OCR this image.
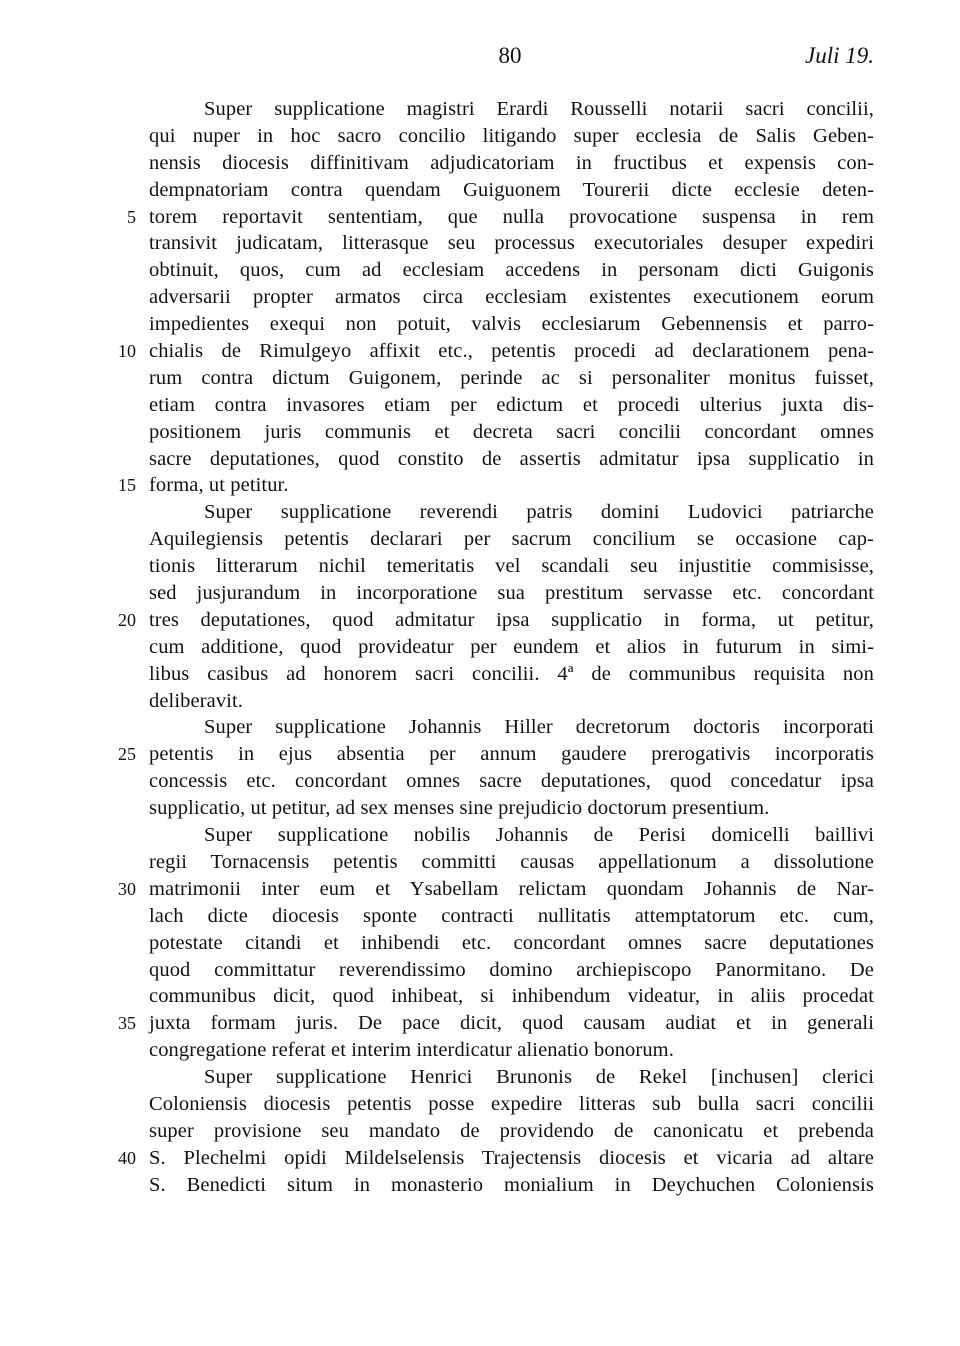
80	Juli 19.
Super supplicatione magistri Erardi Rousselli notarii sacri concilii,
qui nuper in hoc sacro concilio litigando super ecclesia de Salis Geben-
nensis diocesis diffinitivam adjudicatoriam in fructibus et expensis con-
dempnatoriam contra quendam Guiguonem Tourerii dicte ecclesie deten-
5 torem reportavit sententiam, que nulla provocatione suspensa in rem
transivit judicatam, litterasque seu processus executoriales desuper expediri
obtinuit, quos, cum ad ecclesiam accedens in personam dicti Guigonis
adversarii propter armatos circa ecclesiam existentes executionem eorum
impedientes exequi non potuit, valvis ecclesiarum Gebennensis et parro-
10 chialis de Rimulgeyo affixit etc., petentis procedi ad declarationem pena-
rum contra dictum Guigonem, perinde ac si personaliter monitus fuisset,
etiam contra invasores etiam per edictum et procedi ulterius juxta dis-
positionem juris communis et decreta sacri concilii concordant omnes
sacre deputationes, quod constito de assertis admitatur ipsa supplicatio in
15 forma, ut petitur.
Super supplicatione reverendi patris domini Ludovici patriarche
Aquilegiensis petentis declarari per sacrum concilium se occasione cap-
tionis litterarum nichil temeritatis vel scandali seu injustitie commisisse,
sed jusjurandum in incorporatione sua prestitum servasse etc. concordant
20 tres deputationes, quod admitatur ipsa supplicatio in forma, ut petitur,
cum additione, quod provideatur per eundem et alios in futurum in simi-
libus casibus ad honorem sacri concilii. 4ª de communibus requisita non
deliberavit.
Super supplicatione Johannis Hiller decretorum doctoris incorporati
25 petentis in ejus absentia per annum gaudere prerogativis incorporatis
concessis etc. concordant omnes sacre deputationes, quod concedatur ipsa
supplicatio, ut petitur, ad sex menses sine prejudicio doctorum presentium.
Super supplicatione nobilis Johannis de Perisi domicelli baillivi
regii Tornacensis petentis committi causas appellationum a dissolutione
30 matrimonii inter eum et Ysabellam relictam quondam Johannis de Nar-
lach dicte diocesis sponte contracti nullitatis attemptatorum etc. cum,
potestate citandi et inhibendi etc. concordant omnes sacre deputationes
quod committatur reverendissimo domino archiepiscopo Panormitano. De
communibus dicit, quod inhibeat, si inhibendum videatur, in aliis procedat
35 juxta formam juris. De pace dicit, quod causam audiat et in generali
congregatione referat et interim interdicatur alienatio bonorum.
Super supplicatione Henrici Brunonis de Rekel [inchusen] clerici
Coloniensis diocesis petentis posse expedire litteras sub bulla sacri concilii
super provisione seu mandato de providendo de canonicatu et prebenda
40 S. Plechelmi opidi Mildelselensis Trajectensis diocesis et vicaria ad altare
S. Benedicti situm in monasterio monialium in Deychuchen Coloniensis
